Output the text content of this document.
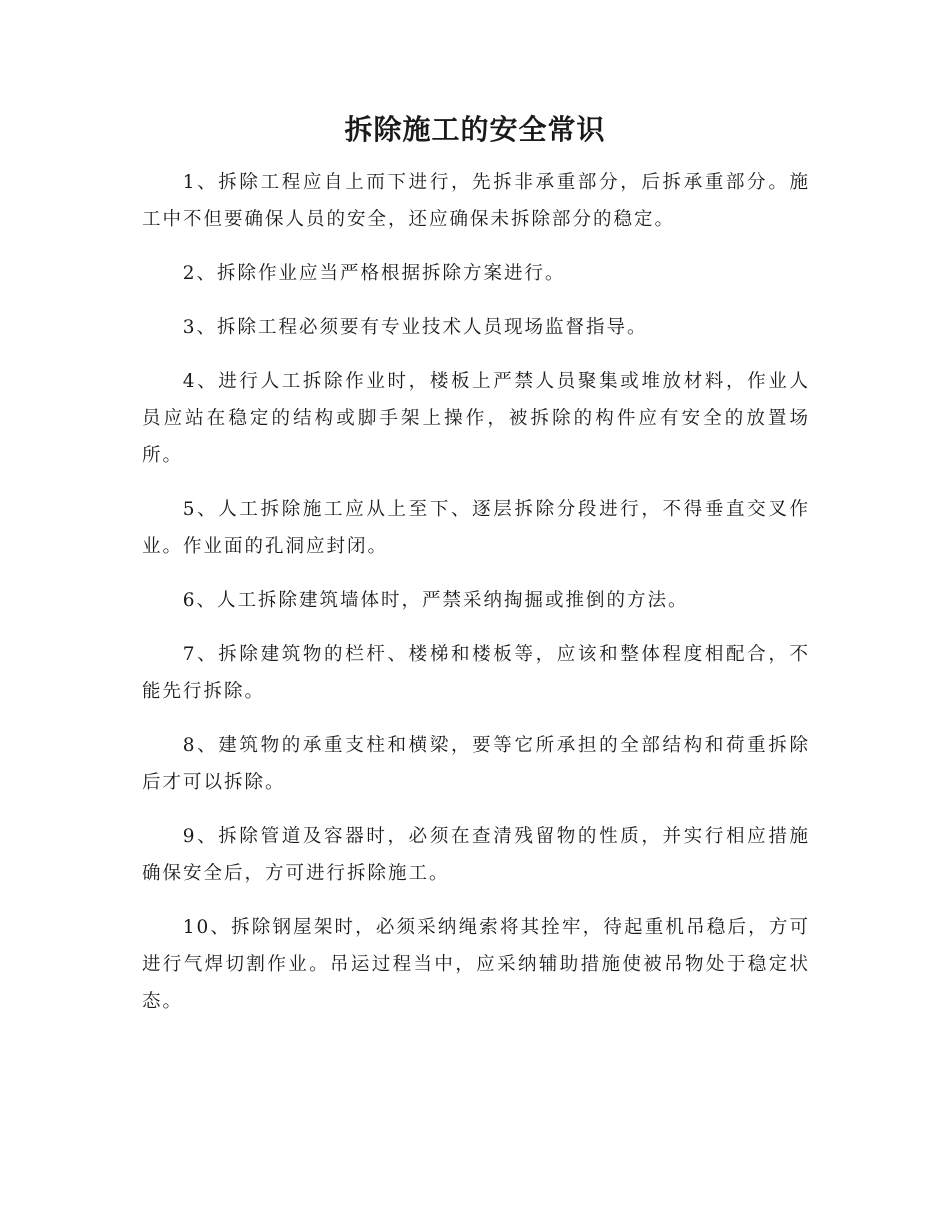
拆除施工的安全常识

1、拆除工程应自上而下进行，先拆非承重部分，后拆承重部分。施工中不但要确保人员的安全，还应确保未拆除部分的稳定。

2、拆除作业应当严格根据拆除方案进行。

3、拆除工程必须要有专业技术人员现场监督指导。

4、进行人工拆除作业时，楼板上严禁人员聚集或堆放材料，作业人员应站在稳定的结构或脚手架上操作，被拆除的构件应有安全的放置场所。

5、人工拆除施工应从上至下、逐层拆除分段进行，不得垂直交叉作业。作业面的孔洞应封闭。

6、人工拆除建筑墙体时，严禁采纳掏掘或推倒的方法。

7、拆除建筑物的栏杆、楼梯和楼板等，应该和整体程度相配合，不能先行拆除。

8、建筑物的承重支柱和横梁，要等它所承担的全部结构和荷重拆除后才可以拆除。

9、拆除管道及容器时，必须在查清残留物的性质，并实行相应措施确保安全后，方可进行拆除施工。

10、拆除钢屋架时，必须采纳绳索将其拴牢，待起重机吊稳后，方可进行气焊切割作业。吊运过程当中，应采纳辅助措施使被吊物处于稳定状态。
